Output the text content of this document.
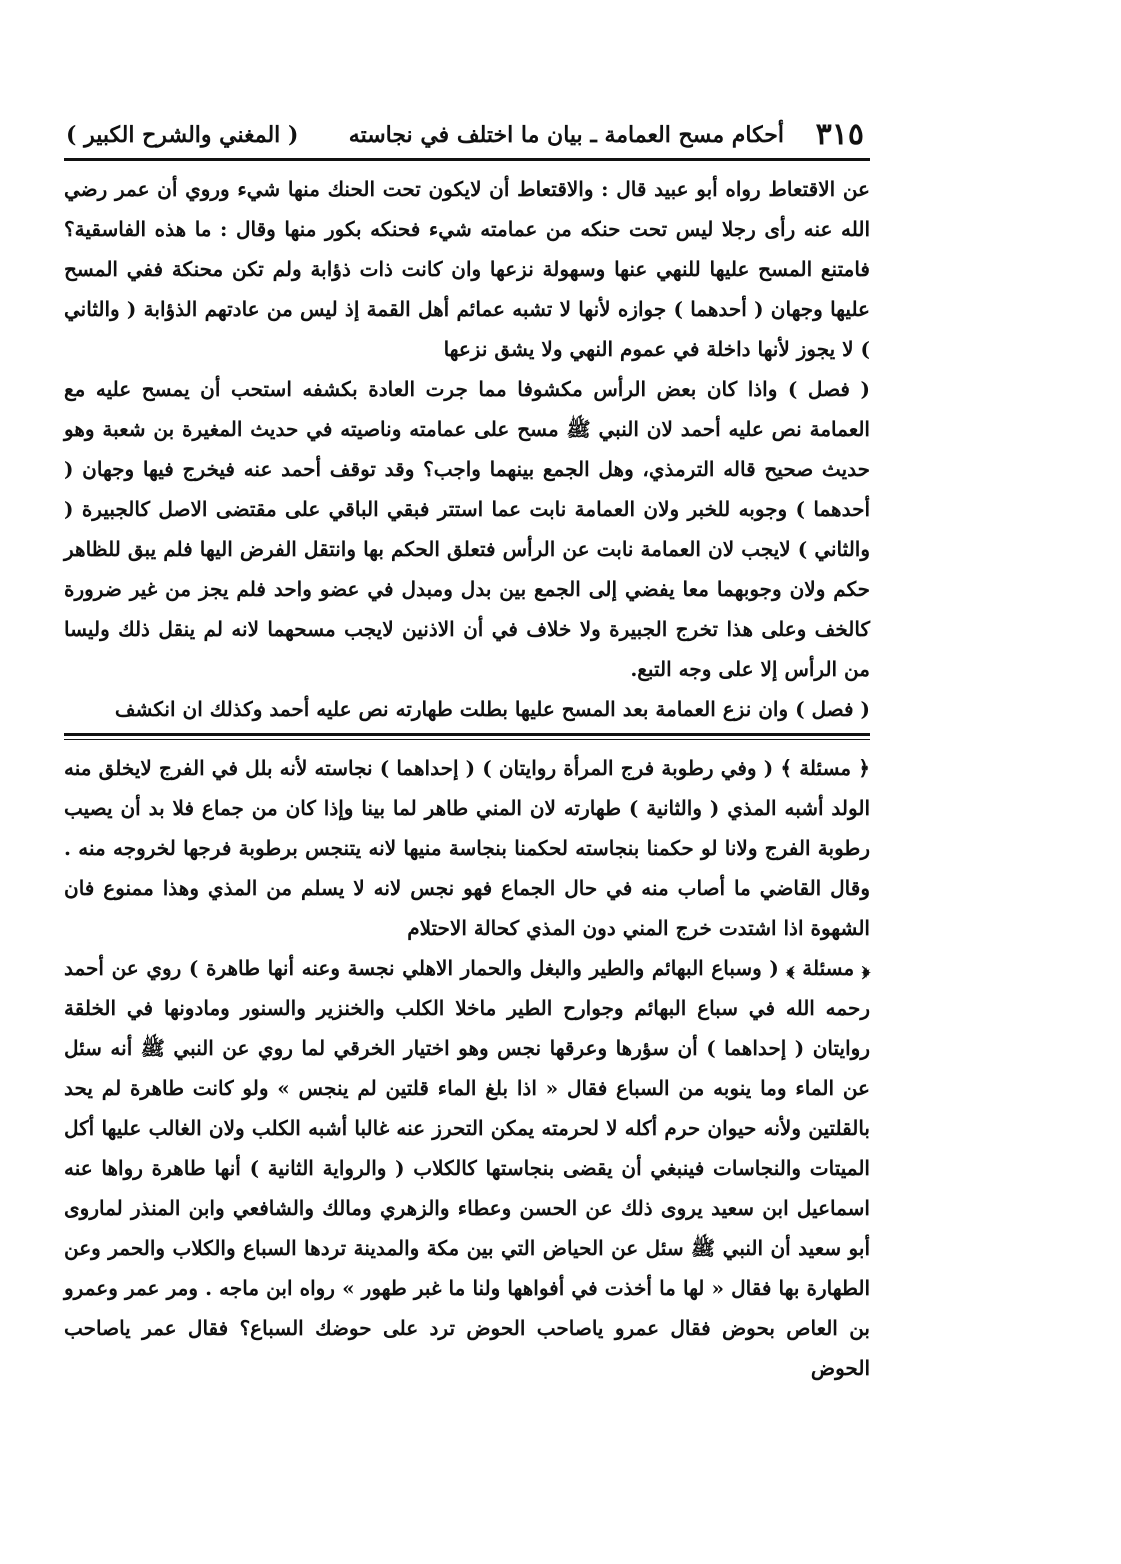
٣١٥
أحكام مسح العمامة ـ بيان ما اختلف في نجاسته
( المغني والشرح الكبير )

عن الاقتعاط رواه أبو عبيد قال : والاقتعاط أن لايكون تحت الحنك منها شيء وروي أن عمر رضي الله عنه رأى رجلا ليس تحت حنكه من عمامته شيء فحنكه بكور منها وقال : ما هذه الفاسقية؟ فامتنع المسح عليها للنهي عنها وسهولة نزعها وان كانت ذات ذؤابة ولم تكن محنكة ففي المسح عليها وجهان ( أحدهما ) جوازه لأنها لا تشبه عمائم أهل القمة إذ ليس من عادتهم الذؤابة ( والثاني ) لا يجوز لأنها داخلة في عموم النهي ولا يشق نزعها

( فصل ) واذا كان بعض الرأس مكشوفا مما جرت العادة بكشفه استحب أن يمسح عليه مع العمامة نص عليه أحمد لان النبي ﷺ مسح على عمامته وناصيته في حديث المغيرة بن شعبة وهو حديث صحيح قاله الترمذي، وهل الجمع بينهما واجب؟ وقد توقف أحمد عنه فيخرج فيها وجهان ( أحدهما ) وجوبه للخبر ولان العمامة نابت عما استتر فبقي الباقي على مقتضى الاصل كالجبيرة ( والثاني ) لايجب لان العمامة نابت عن الرأس فتعلق الحكم بها وانتقل الفرض اليها فلم يبق للظاهر حكم ولان وجوبهما معا يفضي إلى الجمع بين بدل ومبدل في عضو واحد فلم يجز من غير ضرورة كالخف وعلى هذا تخرج الجبيرة ولا خلاف في أن الاذنين لايجب مسحهما لانه لم ينقل ذلك وليسا من الرأس إلا على وجه التبع.

( فصل ) وان نزع العمامة بعد المسح عليها بطلت طهارته نص عليه أحمد وكذلك ان انكشف

﴿ مسئلة ﴾ ( وفي رطوبة فرج المرأة روايتان ) ( إحداهما ) نجاسته لأنه بلل في الفرج لايخلق منه الولد أشبه المذي ( والثانية ) طهارته لان المني طاهر لما بينا وإذا كان من جماع فلا بد أن يصيب رطوبة الفرج ولانا لو حكمنا بنجاسته لحكمنا بنجاسة منيها لانه يتنجس برطوبة فرجها لخروجه منه . وقال القاضي ما أصاب منه في حال الجماع فهو نجس لانه لا يسلم من المذي وهذا ممنوع فان الشهوة اذا اشتدت خرج المني دون المذي كحالة الاحتلام

﴿ مسئلة ﴾ ( وسباع البهائم والطير والبغل والحمار الاهلي نجسة وعنه أنها طاهرة ) روي عن أحمد رحمه الله في سباع البهائم وجوارح الطير ماخلا الكلب والخنزير والسنور ومادونها في الخلقة روايتان ( إحداهما ) أن سؤرها وعرقها نجس وهو اختيار الخرقي لما روي عن النبي ﷺ أنه سئل عن الماء وما ينوبه من السباع فقال « اذا بلغ الماء قلتين لم ينجس » ولو كانت طاهرة لم يحد بالقلتين ولأنه حيوان حرم أكله لا لحرمته يمكن التحرز عنه غالبا أشبه الكلب ولان الغالب عليها أكل الميتات والنجاسات فينبغي أن يقضى بنجاستها كالكلاب ( والرواية الثانية ) أنها طاهرة رواها عنه اسماعيل ابن سعيد يروى ذلك عن الحسن وعطاء والزهري ومالك والشافعي وابن المنذر لماروى أبو سعيد أن النبي ﷺ سئل عن الحياض التي بين مكة والمدينة تردها السباع والكلاب والحمر وعن الطهارة بها فقال « لها ما أخذت في أفواهها ولنا ما غبر طهور » رواه ابن ماجه . ومر عمر وعمرو بن العاص بحوض فقال عمرو ياصاحب الحوض ترد على حوضك السباع؟ فقال عمر ياصاحب الحوض
